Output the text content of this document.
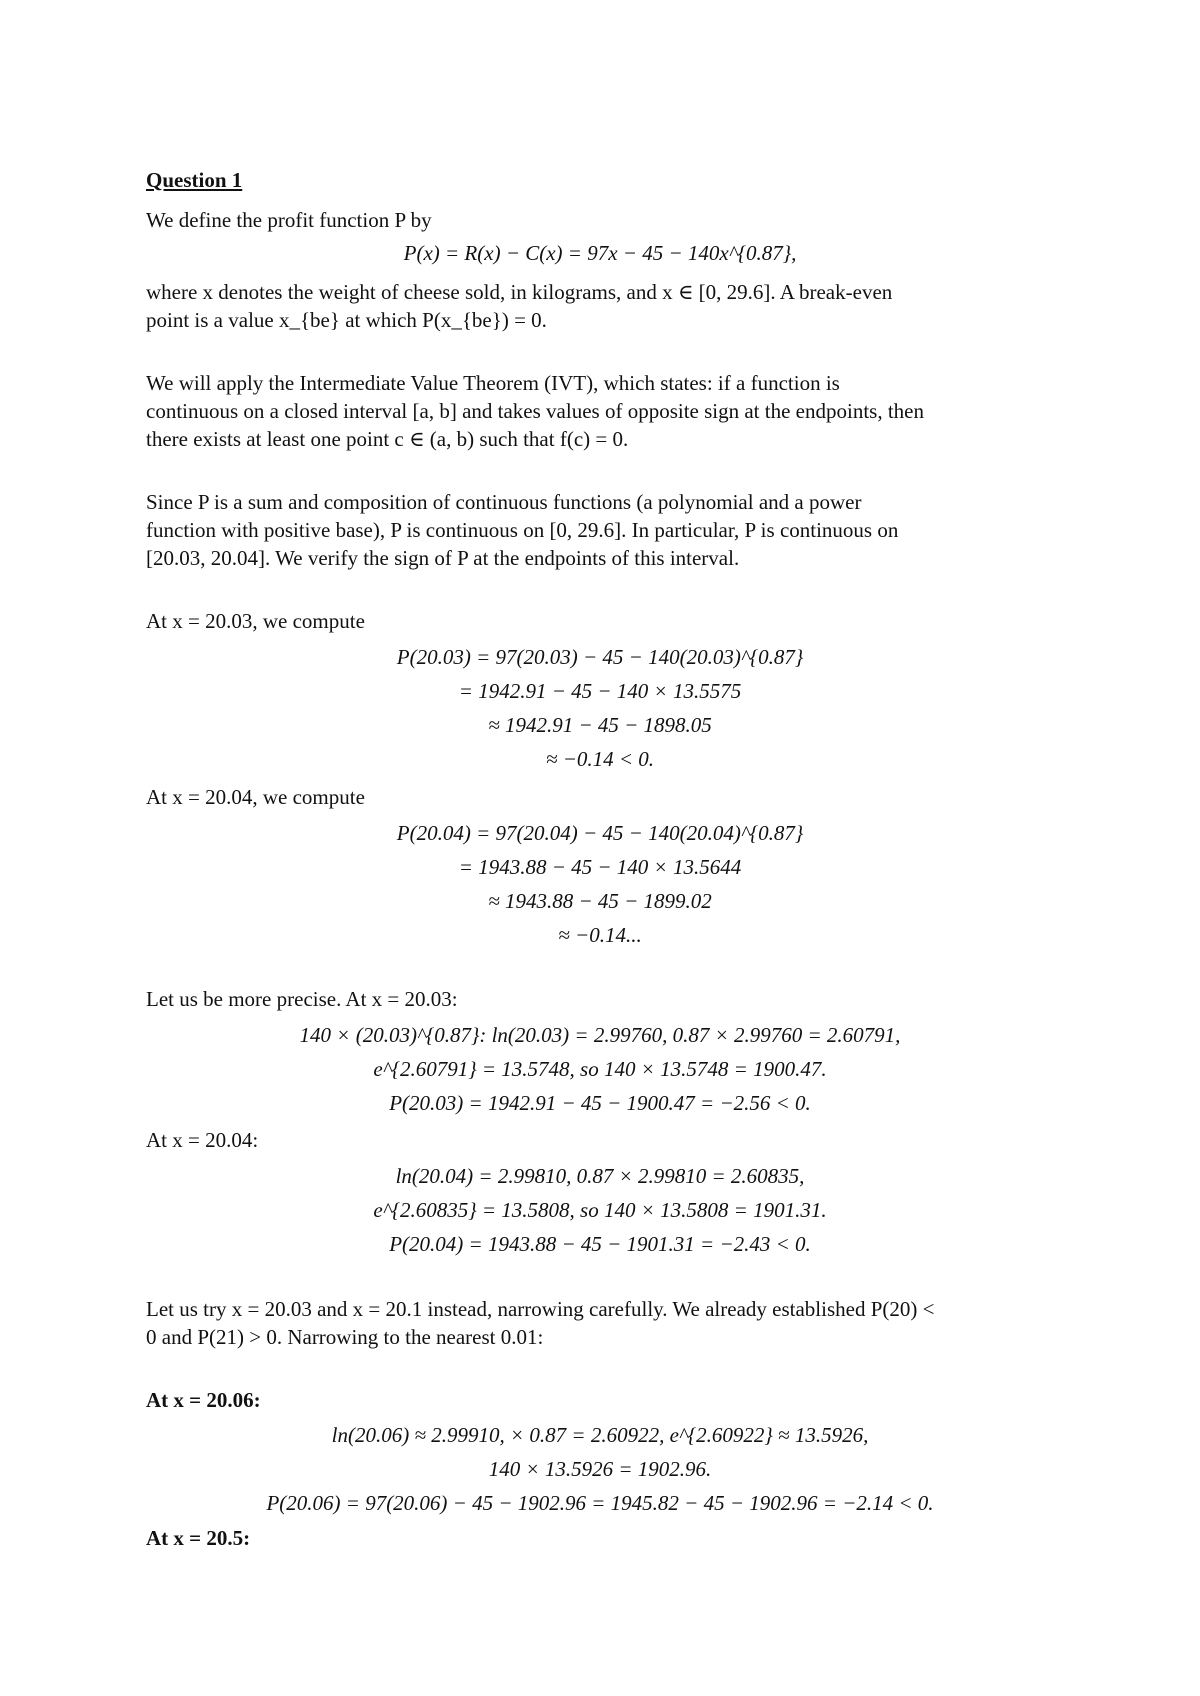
Question 1

We define the profit function P by

P(x) = R(x) − C(x) = 97x − 45 − 140x^{0.87},

where x denotes the weight of cheese sold, in kilograms, and x ∈ [0, 29.6]. A break-even
point is a value x_{be} at which P(x_{be}) = 0.

We will apply the Intermediate Value Theorem (IVT), which states: if a function is
continuous on a closed interval [a, b] and takes values of opposite sign at the endpoints, then
there exists at least one point c ∈ (a, b) such that f(c) = 0.

Since P is a sum and composition of continuous functions (a polynomial and a power
function with positive base), P is continuous on [0, 29.6]. In particular, P is continuous on
[20.03, 20.04]. We verify the sign of P at the endpoints of this interval.

At x = 20.03, we compute

P(20.03) = 97(20.03) − 45 − 140(20.03)^{0.87}
= 1942.91 − 45 − 140 × 13.5575
≈ 1942.91 − 45 − 1898.05
≈ −0.14 < 0.

At x = 20.04, we compute

P(20.04) = 97(20.04) − 45 − 140(20.04)^{0.87}
= 1943.88 − 45 − 140 × 13.5644
≈ 1943.88 − 45 − 1899.02
≈ −0.14...

Let us be more precise. At x = 20.03:

140 × (20.03)^{0.87}: ln(20.03) = 2.99760, 0.87 × 2.99760 = 2.60791,
e^{2.60791} = 13.5748, so 140 × 13.5748 = 1900.47.
P(20.03) = 1942.91 − 45 − 1900.47 = −2.56 < 0.

At x = 20.04:

ln(20.04) = 2.99810, 0.87 × 2.99810 = 2.60835,
e^{2.60835} = 13.5808, so 140 × 13.5808 = 1901.31.
P(20.04) = 1943.88 − 45 − 1901.31 = −2.43 < 0.

Let us try x = 20.03 and x = 20.1 instead, narrowing carefully. We already established P(20) <
0 and P(21) > 0. Narrowing to the nearest 0.01:

At x = 20.06:

ln(20.06) ≈ 2.99910, × 0.87 = 2.60922, e^{2.60922} ≈ 13.5926,
140 × 13.5926 = 1902.96.
P(20.06) = 97(20.06) − 45 − 1902.96 = 1945.82 − 45 − 1902.96 = −2.14 < 0.

At x = 20.5:
